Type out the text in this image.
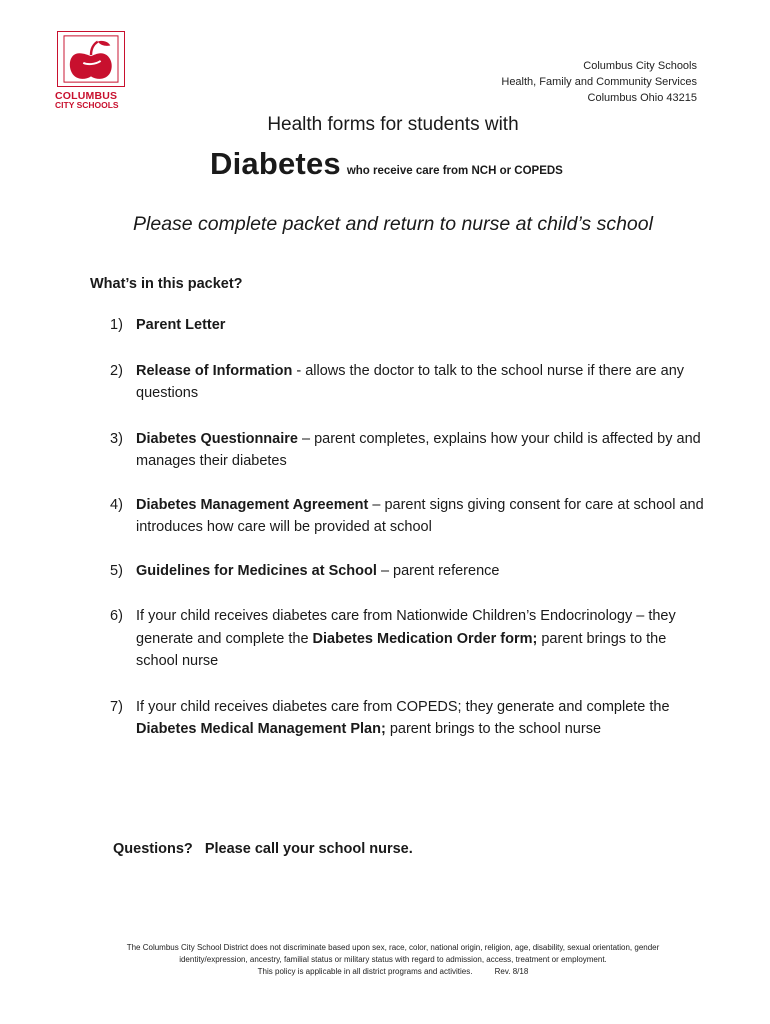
COLUMBUS
CITY SCHOOLS
Columbus City Schools
Health, Family and Community Services
Columbus Ohio 43215
Health forms for students with
Diabetes who receive care from NCH or COPEDS
Please complete packet and return to nurse at child’s school
What’s in this packet?
1) Parent Letter
2) Release of Information - allows the doctor to talk to the school nurse if there are any questions
3) Diabetes Questionnaire – parent completes, explains how your child is affected by and manages their diabetes
4) Diabetes Management Agreement – parent signs giving consent for care at school and introduces how care will be provided at school
5) Guidelines for Medicines at School – parent reference
6) If your child receives diabetes care from Nationwide Children’s Endocrinology – they generate and complete the Diabetes Medication Order form; parent brings to the school nurse
7) If your child receives diabetes care from COPEDS; they generate and complete the Diabetes Medical Management Plan; parent brings to the school nurse
Questions?   Please call your school nurse.
The Columbus City School District does not discriminate based upon sex, race, color, national origin, religion, age, disability, sexual orientation, gender
identity/expression, ancestry, familial status or military status with regard to admission, access, treatment or employment.
This policy is applicable in all district programs and activities.          Rev. 8/18
